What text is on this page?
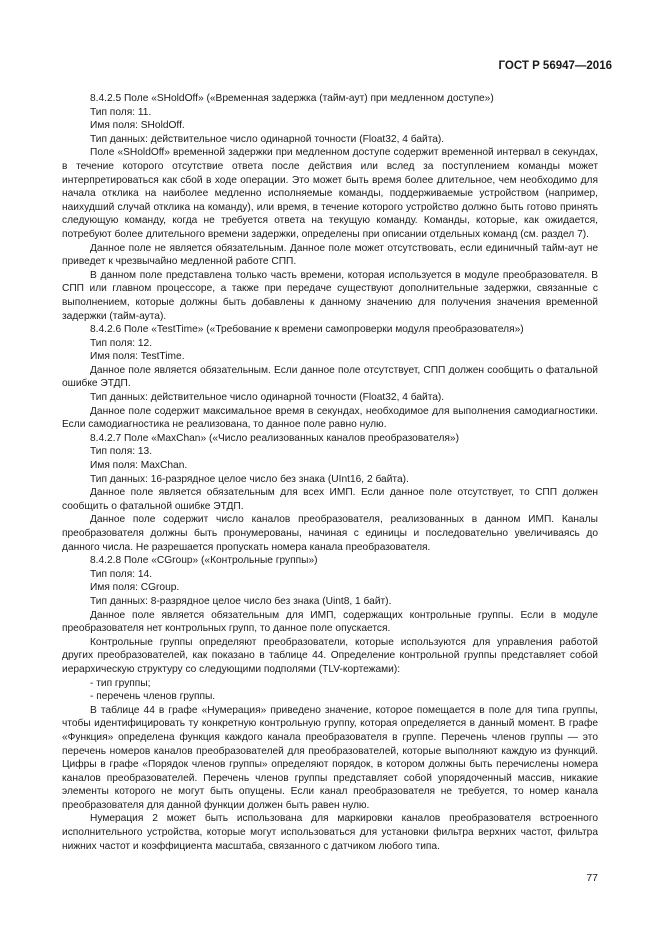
ГОСТ Р 56947—2016

8.4.2.5 Поле «SHoldOff» («Временная задержка (тайм-аут) при медленном доступе»)

Тип поля: 11.

Имя поля: SHoldOff.

Тип данных: действительное число одинарной точности (Float32, 4 байта).

Поле «SHoldOff» временной задержки при медленном доступе содержит временной интервал в секундах, в течение которого отсутствие ответа после действия или вслед за поступлением команды может интерпретироваться как сбой в ходе операции. Это может быть время более длительное, чем необходимо для начала отклика на наиболее медленно исполняемые команды, поддерживаемые устройством (например, наихудший случай отклика на команду), или время, в течение которого устройство должно быть готово принять следующую команду, когда не требуется ответа на текущую команду. Команды, которые, как ожидается, потребуют более длительного времени задержки, определены при описании отдельных команд (см. раздел 7).

Данное поле не является обязательным. Данное поле может отсутствовать, если единичный тайм-аут не приведет к чрезвычайно медленной работе СПП.

В данном поле представлена только часть времени, которая используется в модуле преобразователя. В СПП или главном процессоре, а также при передаче существуют дополнительные задержки, связанные с выполнением, которые должны быть добавлены к данному значению для получения значения временной задержки (тайм-аута).

8.4.2.6 Поле «TestTime» («Требование к времени самопроверки модуля преобразователя»)

Тип поля: 12.

Имя поля: TestTime.

Данное поле является обязательным. Если данное поле отсутствует, СПП должен сообщить о фатальной ошибке ЭТДП.

Тип данных: действительное число одинарной точности (Float32, 4 байта).

Данное поле содержит максимальное время в секундах, необходимое для выполнения самодиагностики. Если самодиагностика не реализована, то данное поле равно нулю.

8.4.2.7 Поле «MaxChan» («Число реализованных каналов преобразователя»)

Тип поля: 13.

Имя поля: MaxChan.

Тип данных: 16-разрядное целое число без знака (UInt16, 2 байта).

Данное поле является обязательным для всех ИМП. Если данное поле отсутствует, то СПП должен сообщить о фатальной ошибке ЭТДП.

Данное поле содержит число каналов преобразователя, реализованных в данном ИМП. Каналы преобразователя должны быть пронумерованы, начиная с единицы и последовательно увеличиваясь до данного числа. Не разрешается пропускать номера канала преобразователя.

8.4.2.8 Поле «CGroup» («Контрольные группы»)

Тип поля: 14.

Имя поля: CGroup.

Тип данных: 8-разрядное целое число без знака (Uint8, 1 байт).

Данное поле является обязательным для ИМП, содержащих контрольные группы. Если в модуле преобразователя нет контрольных групп, то данное поле опускается.

Контрольные группы определяют преобразователи, которые используются для управления работой других преобразователей, как показано в таблице 44. Определение контрольной группы представляет собой иерархическую структуру со следующими подполями (TLV-кортежами):

- тип группы;

- перечень членов группы.

В таблице 44 в графе «Нумерация» приведено значение, которое помещается в поле для типа группы, чтобы идентифицировать ту конкретную контрольную группу, которая определяется в данный момент. В графе «Функция» определена функция каждого канала преобразователя в группе. Перечень членов группы — это перечень номеров каналов преобразователей для преобразователей, которые выполняют каждую из функций. Цифры в графе «Порядок членов группы» определяют порядок, в котором должны быть перечислены номера каналов преобразователей. Перечень членов группы представляет собой упорядоченный массив, никакие элементы которого не могут быть опущены. Если канал преобразователя не требуется, то номер канала преобразователя для данной функции должен быть равен нулю.

Нумерация 2 может быть использована для маркировки каналов преобразователя встроенного исполнительного устройства, которые могут использоваться для установки фильтра верхних частот, фильтра нижних частот и коэффициента масштаба, связанного с датчиком любого типа.

77
